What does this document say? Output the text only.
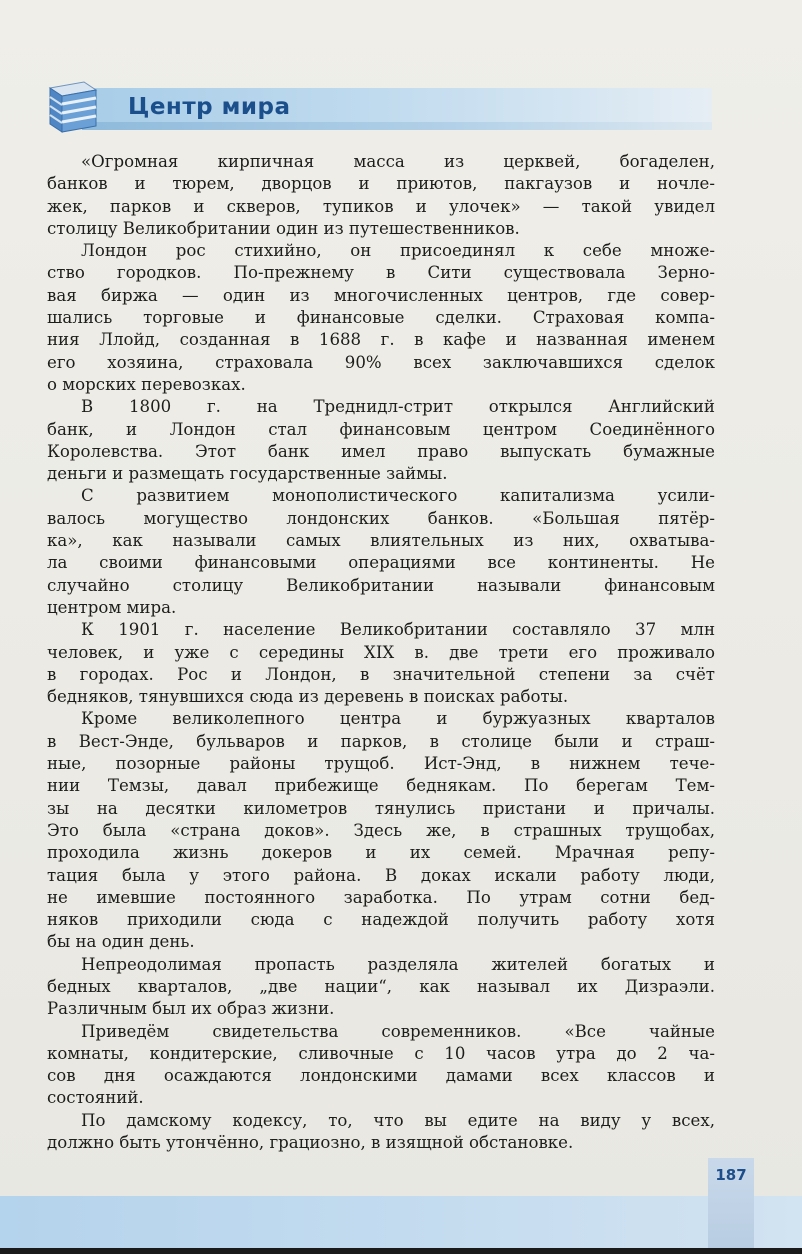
Центр мира
«Огромная кирпичная масса из церквей, богаделен,
банков и тюрем, дворцов и приютов, пакгаузов и ночле-
жек, парков и скверов, тупиков и улочек» — такой увидел
столицу Великобритании один из путешественников.
Лондон рос стихийно, он присоединял к себе множе-
ство городков. По-прежнему в Сити существовала Зерно-
вая биржа — один из многочисленных центров, где совер-
шались торговые и финансовые сделки. Страховая компа-
ния Ллойд, созданная в 1688 г. в кафе и названная именем
его хозяина, страховала 90% всех заключавшихся сделок
о морских перевозках.
В 1800 г. на Треднидл-стрит открылся Английский
банк, и Лондон стал финансовым центром Соединённого
Королевства. Этот банк имел право выпускать бумажные
деньги и размещать государственные займы.
С развитием монополистического капитализма усили-
валось могущество лондонских банков. «Большая пятёр-
ка», как называли самых влиятельных из них, охватыва-
ла своими финансовыми операциями все континенты. Не
случайно столицу Великобритании называли финансовым
центром мира.
К 1901 г. население Великобритании составляло 37 млн
человек, и уже с середины XIX в. две трети его проживало
в городах. Рос и Лондон, в значительной степени за счёт
бедняков, тянувшихся сюда из деревень в поисках работы.
Кроме великолепного центра и буржуазных кварталов
в Вест-Энде, бульваров и парков, в столице были и страш-
ные, позорные районы трущоб. Ист-Энд, в нижнем тече-
нии Темзы, давал прибежище беднякам. По берегам Тем-
зы на десятки километров тянулись пристани и причалы.
Это была «страна доков». Здесь же, в страшных трущобах,
проходила жизнь докеров и их семей. Мрачная репу-
тация была у этого района. В доках искали работу люди,
не имевшие постоянного заработка. По утрам сотни бед-
няков приходили сюда с надеждой получить работу хотя
бы на один день.
Непреодолимая пропасть разделяла жителей богатых и
бедных кварталов, „две нации“, как называл их Дизраэли.
Различным был их образ жизни.
Приведём свидетельства современников. «Все чайные
комнаты, кондитерские, сливочные с 10 часов утра до 2 ча-
сов дня осаждаются лондонскими дамами всех классов и
состояний.
По дамскому кодексу, то, что вы едите на виду у всех,
должно быть утончённо, грациозно, в изящной обстановке.
187
